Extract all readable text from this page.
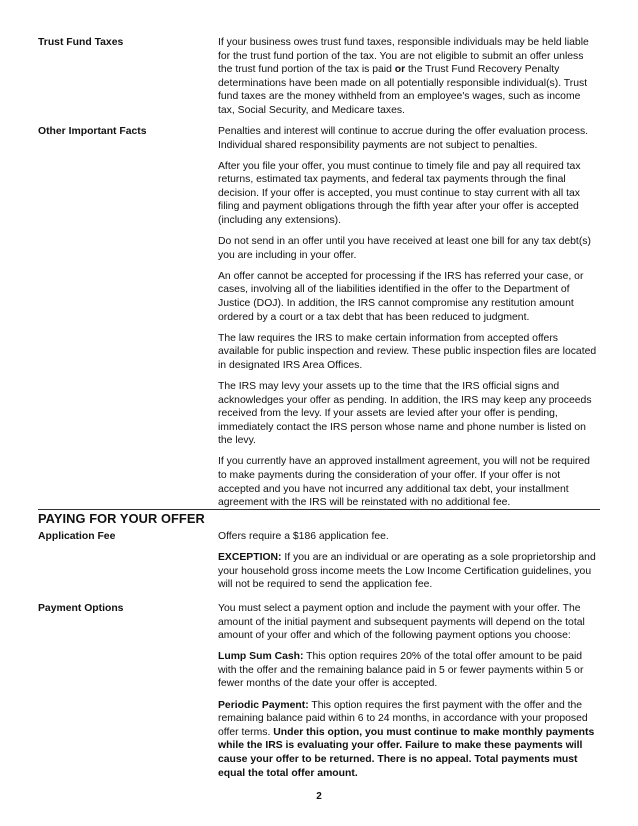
Trust Fund Taxes	If your business owes trust fund taxes, responsible individuals may be held liable for the trust fund portion of the tax. You are not eligible to submit an offer unless the trust fund portion of the tax is paid or the Trust Fund Recovery Penalty determinations have been made on all potentially responsible individual(s). Trust fund taxes are the money withheld from an employee's wages, such as income tax, Social Security, and Medicare taxes.

Other Important Facts	Penalties and interest will continue to accrue during the offer evaluation process. Individual shared responsibility payments are not subject to penalties.

After you file your offer, you must continue to timely file and pay all required tax returns, estimated tax payments, and federal tax payments through the final decision. If your offer is accepted, you must continue to stay current with all tax filing and payment obligations through the fifth year after your offer is accepted (including any extensions).

Do not send in an offer until you have received at least one bill for any tax debt(s) you are including in your offer.

An offer cannot be accepted for processing if the IRS has referred your case, or cases, involving all of the liabilities identified in the offer to the Department of Justice (DOJ). In addition, the IRS cannot compromise any restitution amount ordered by a court or a tax debt that has been reduced to judgment.

The law requires the IRS to make certain information from accepted offers available for public inspection and review. These public inspection files are located in designated IRS Area Offices.

The IRS may levy your assets up to the time that the IRS official signs and acknowledges your offer as pending. In addition, the IRS may keep any proceeds received from the levy. If your assets are levied after your offer is pending, immediately contact the IRS person whose name and phone number is listed on the levy.

If you currently have an approved installment agreement, you will not be required to make payments during the consideration of your offer. If your offer is not accepted and you have not incurred any additional tax debt, your installment agreement with the IRS will be reinstated with no additional fee.

PAYING FOR YOUR OFFER
Application Fee	Offers require a $186 application fee.

EXCEPTION: If you are an individual or are operating as a sole proprietorship and your household gross income meets the Low Income Certification guidelines, you will not be required to send the application fee.

Payment Options	You must select a payment option and include the payment with your offer. The amount of the initial payment and subsequent payments will depend on the total amount of your offer and which of the following payment options you choose:

Lump Sum Cash: This option requires 20% of the total offer amount to be paid with the offer and the remaining balance paid in 5 or fewer payments within 5 or fewer months of the date your offer is accepted.

Periodic Payment: This option requires the first payment with the offer and the remaining balance paid within 6 to 24 months, in accordance with your proposed offer terms. Under this option, you must continue to make monthly payments while the IRS is evaluating your offer. Failure to make these payments will cause your offer to be returned. There is no appeal. Total payments must equal the total offer amount.

2
